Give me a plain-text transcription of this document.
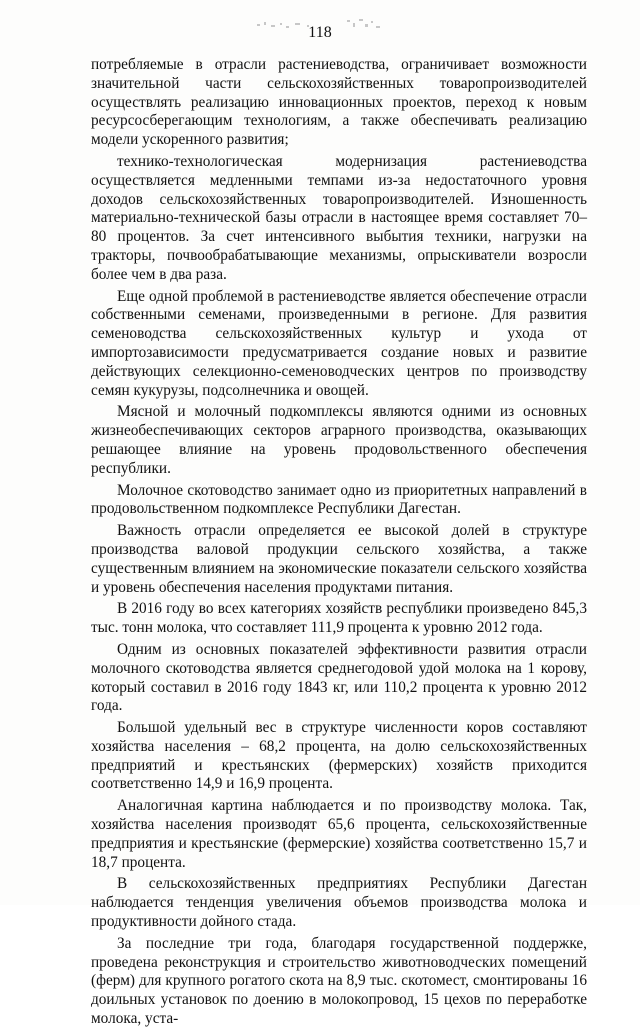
118

потребляемые в отрасли растениеводства, ограничивает возможности значительной части сельскохозяйственных товаропроизводителей осуществлять реализацию инновационных проектов, переход к новым ресурсосберегающим технологиям, а также обеспечивать реализацию модели ускоренного развития;

технико-технологическая модернизация растениеводства осуществляется медленными темпами из-за недостаточного уровня доходов сельскохозяйственных товаропроизводителей. Изношенность материально-технической базы отрасли в настоящее время составляет 70–80 процентов. За счет интенсивного выбытия техники, нагрузки на тракторы, почвообрабатывающие механизмы, опрыскиватели возросли более чем в два раза.

Еще одной проблемой в растениеводстве является обеспечение отрасли собственными семенами, произведенными в регионе. Для развития семеноводства сельскохозяйственных культур и ухода от импортозависимости предусматривается создание новых и развитие действующих селекционно-семеноводческих центров по производству семян кукурузы, подсолнечника и овощей.

Мясной и молочный подкомплексы являются одними из основных жизнеобеспечивающих секторов аграрного производства, оказывающих решающее влияние на уровень продовольственного обеспечения республики.

Молочное скотоводство занимает одно из приоритетных направлений в продовольственном подкомплексе Республики Дагестан.

Важность отрасли определяется ее высокой долей в структуре производства валовой продукции сельского хозяйства, а также существенным влиянием на экономические показатели сельского хозяйства и уровень обеспечения населения продуктами питания.

В 2016 году во всех категориях хозяйств республики произведено 845,3 тыс. тонн молока, что составляет 111,9 процента к уровню 2012 года.

Одним из основных показателей эффективности развития отрасли молочного скотоводства является среднегодовой удой молока на 1 корову, который составил в 2016 году 1843 кг, или 110,2 процента к уровню 2012 года.

Большой удельный вес в структуре численности коров составляют хозяйства населения – 68,2 процента, на долю сельскохозяйственных предприятий и крестьянских (фермерских) хозяйств приходится соответственно 14,9 и 16,9 процента.

Аналогичная картина наблюдается и по производству молока. Так, хозяйства населения производят 65,6 процента, сельскохозяйственные предприятия и крестьянские (фермерские) хозяйства соответственно 15,7 и 18,7 процента.

В сельскохозяйственных предприятиях Республики Дагестан наблюдается тенденция увеличения объемов производства молока и продуктивности дойного стада.

За последние три года, благодаря государственной поддержке, проведена реконструкция и строительство животноводческих помещений (ферм) для крупного рогатого скота на 8,9 тыс. скотомест, смонтированы 16 доильных установок по доению в молокопровод, 15 цехов по переработке молока, уста-
